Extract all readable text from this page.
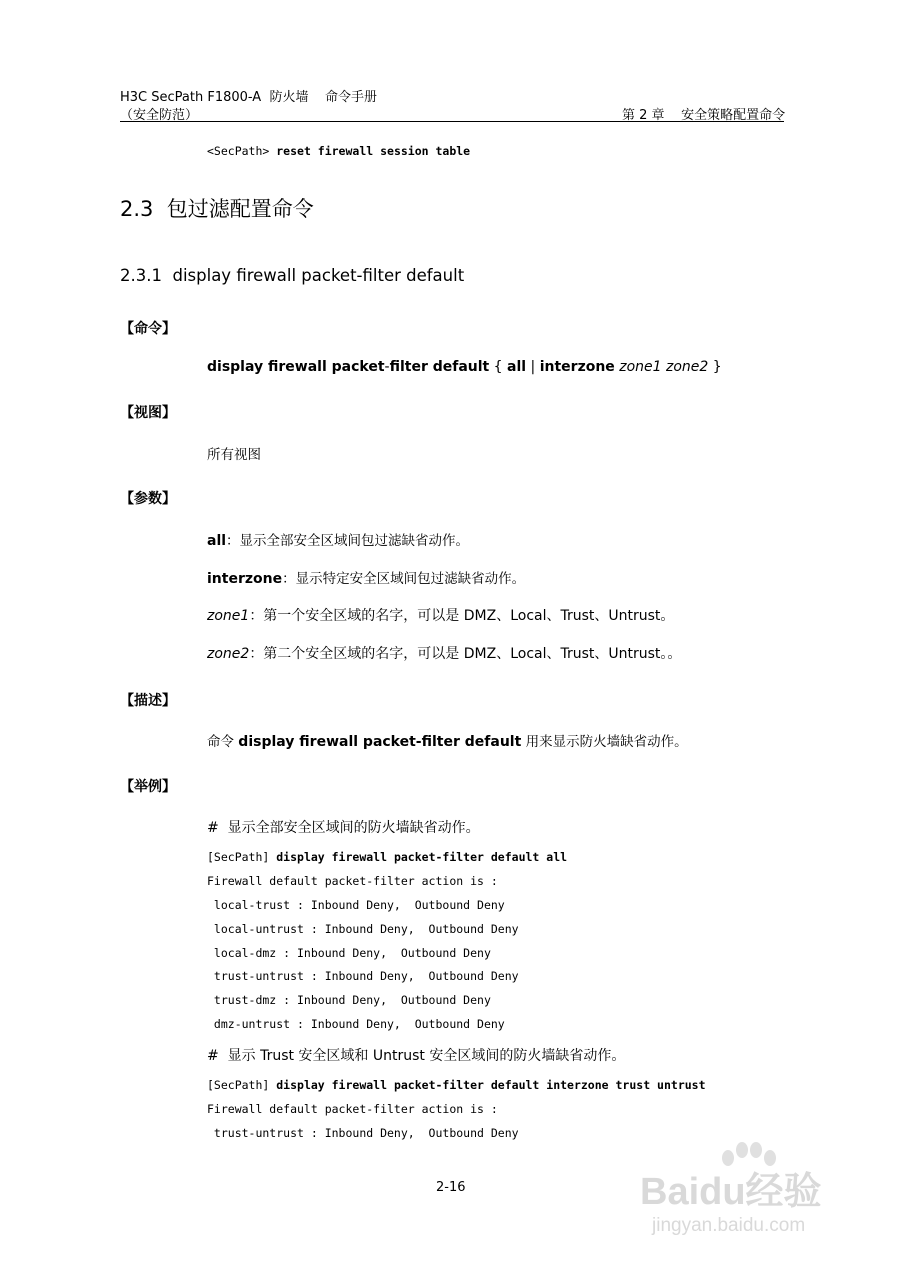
H3C SecPath F1800-A  防火墙    命令手册
（安全防范）	第 2 章    安全策略配置命令
<SecPath> reset firewall session table
2.3 包过滤配置命令
2.3.1 display firewall packet-filter default
【命令】
display firewall packet-filter default { all | interzone zone1 zone2 }
【视图】
所有视图
【参数】
all：显示全部安全区域间包过滤缺省动作。
interzone：显示特定安全区域间包过滤缺省动作。
zone1：第一个安全区域的名字，可以是 DMZ、Local、Trust、Untrust。
zone2：第二个安全区域的名字，可以是 DMZ、Local、Trust、Untrust。。
【描述】
命令 display firewall packet-filter default 用来显示防火墙缺省动作。
【举例】
#  显示全部安全区域间的防火墙缺省动作。
[SecPath] display firewall packet-filter default all
Firewall default packet-filter action is :
local-trust : Inbound Deny,  Outbound Deny
local-untrust : Inbound Deny,  Outbound Deny
local-dmz : Inbound Deny,  Outbound Deny
trust-untrust : Inbound Deny,  Outbound Deny
trust-dmz : Inbound Deny,  Outbound Deny
dmz-untrust : Inbound Deny,  Outbound Deny
#  显示 Trust 安全区域和 Untrust 安全区域间的防火墙缺省动作。
[SecPath] display firewall packet-filter default interzone trust untrust
Firewall default packet-filter action is :
trust-untrust : Inbound Deny,  Outbound Deny
2-16	Baidu经验
jingyan.baidu.com
